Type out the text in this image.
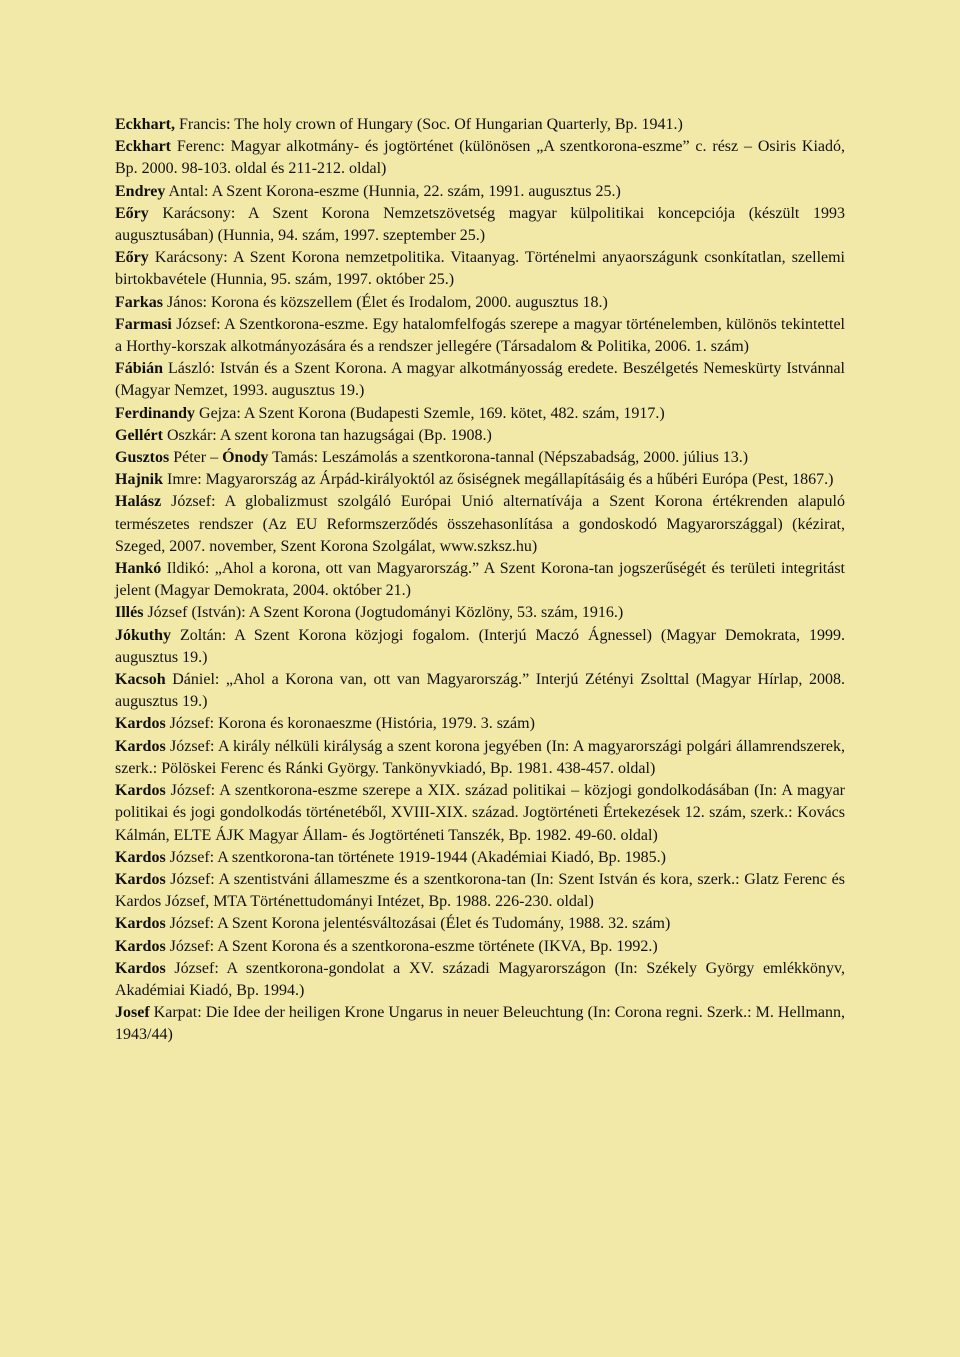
Eckhart, Francis: The holy crown of Hungary (Soc. Of Hungarian Quarterly, Bp. 1941.)

Eckhart Ferenc: Magyar alkotmány- és jogtörténet (különösen „A szentkorona-eszme” c. rész – Osiris Kiadó, Bp. 2000. 98-103. oldal és 211-212. oldal)

Endrey Antal: A Szent Korona-eszme (Hunnia, 22. szám, 1991. augusztus 25.)

Eőry Karácsony: A Szent Korona Nemzetszövetség magyar külpolitikai koncepciója (készült 1993 augusztusában) (Hunnia, 94. szám, 1997. szeptember 25.)

Eőry Karácsony: A Szent Korona nemzetpolitika. Vitaanyag. Történelmi anyaországunk csonkítatlan, szellemi birtokbavétele (Hunnia, 95. szám, 1997. október 25.)

Farkas János: Korona és közszellem (Élet és Irodalom, 2000. augusztus 18.)

Farmasi József: A Szentkorona-eszme. Egy hatalomfelfogás szerepe a magyar történelemben, különös tekintettel a Horthy-korszak alkotmányozására és a rendszer jellegére (Társadalom & Politika, 2006. 1. szám)

Fábián László: István és a Szent Korona. A magyar alkotmányosság eredete. Beszélgetés Nemeskürty Istvánnal (Magyar Nemzet, 1993. augusztus 19.)

Ferdinandy Gejza: A Szent Korona (Budapesti Szemle, 169. kötet, 482. szám, 1917.)

Gellért Oszkár: A szent korona tan hazugságai (Bp. 1908.)

Gusztos Péter – Ónody Tamás: Leszámolás a szentkorona-tannal (Népszabadság, 2000. július 13.)

Hajnik Imre: Magyarország az Árpád-királyoktól az ősiségnek megállapításáig és a hűbéri Európa (Pest, 1867.)

Halász József: A globalizmust szolgáló Európai Unió alternatívája a Szent Korona értékrenden alapuló természetes rendszer (Az EU Reformszerződés összehasonlítása a gondoskodó Magyarországgal) (kézirat, Szeged, 2007. november, Szent Korona Szolgálat, www.szksz.hu)

Hankó Ildikó: „Ahol a korona, ott van Magyarország.” A Szent Korona-tan jogszerűségét és területi integritást jelent (Magyar Demokrata, 2004. október 21.)

Illés József (István): A Szent Korona (Jogtudományi Közlöny, 53. szám, 1916.)

Jókuthy Zoltán: A Szent Korona közjogi fogalom. (Interjú Maczó Ágnessel) (Magyar Demokrata, 1999. augusztus 19.)

Kacsoh Dániel: „Ahol a Korona van, ott van Magyarország.” Interjú Zétényi Zsolttal (Magyar Hírlap, 2008. augusztus 19.)

Kardos József: Korona és koronaeszme (História, 1979. 3. szám)

Kardos József: A király nélküli királyság a szent korona jegyében (In: A magyarországi polgári államrendszerek, szerk.: Pölöskei Ferenc és Ránki György. Tankönyvkiadó, Bp. 1981. 438-457. oldal)

Kardos József: A szentkorona-eszme szerepe a XIX. század politikai – közjogi gondolkodásában (In: A magyar politikai és jogi gondolkodás történetéből, XVIII-XIX. század. Jogtörténeti Értekezések 12. szám, szerk.: Kovács Kálmán, ELTE ÁJK Magyar Állam- és Jogtörténeti Tanszék, Bp. 1982. 49-60. oldal)

Kardos József: A szentkorona-tan története 1919-1944 (Akadémiai Kiadó, Bp. 1985.)

Kardos József: A szentistváni állameszme és a szentkorona-tan (In: Szent István és kora, szerk.: Glatz Ferenc és Kardos József, MTA Történettudományi Intézet, Bp. 1988. 226-230. oldal)

Kardos József: A Szent Korona jelentésváltozásai (Élet és Tudomány, 1988. 32. szám)

Kardos József: A Szent Korona és a szentkorona-eszme története (IKVA, Bp. 1992.)

Kardos József: A szentkorona-gondolat a XV. századi Magyarországon (In: Székely György emlékkönyv, Akadémiai Kiadó, Bp. 1994.)

Josef Karpat: Die Idee der heiligen Krone Ungarus in neuer Beleuchtung (In: Corona regni. Szerk.: M. Hellmann, 1943/44)
